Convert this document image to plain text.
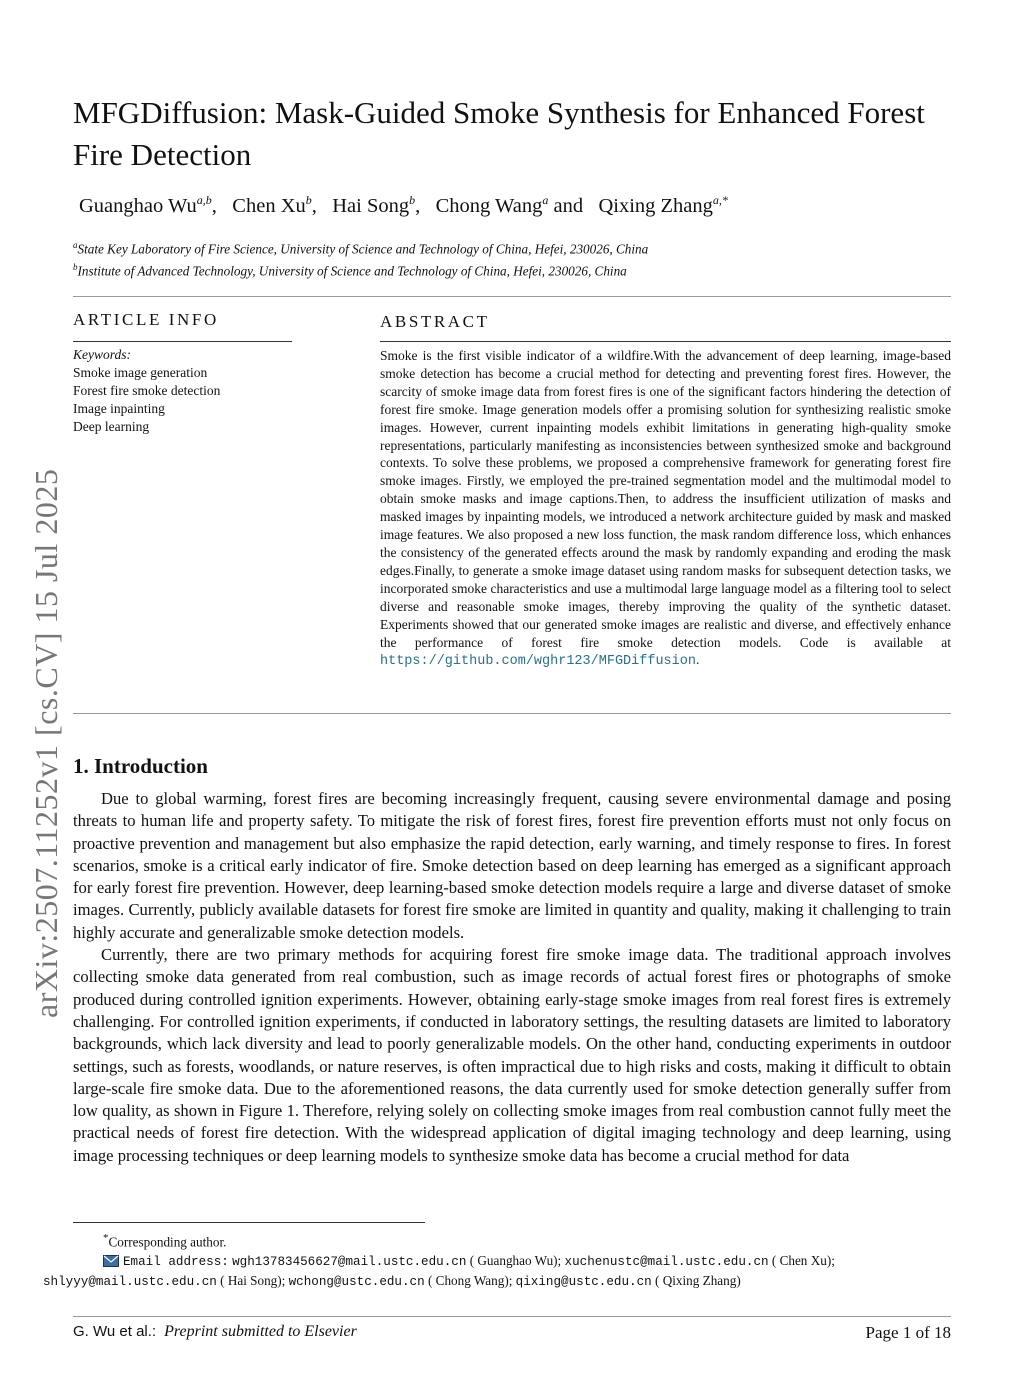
arXiv:2507.11252v1 [cs.CV] 15 Jul 2025
MFGDiffusion: Mask-Guided Smoke Synthesis for Enhanced Forest Fire Detection
Guanghao Wu$^{a,b}$,   Chen Xu$^b$,   Hai Song$^b$,   Chong Wang$^a$ and Qixing Zhang$^{a,*}$
$^a$State Key Laboratory of Fire Science, University of Science and Technology of China, Hefei, 230026, China
$^b$Institute of Advanced Technology, University of Science and Technology of China, Hefei, 230026, China
ARTICLE INFO	ABSTRACT
Keywords:
Smoke image generation
Forest fire smoke detection
Image inpainting
Deep learning
Smoke is the first visible indicator of a wildfire.With the advancement of deep learning, image-based smoke detection has become a crucial method for detecting and preventing forest fires. However, the scarcity of smoke image data from forest fires is one of the significant factors hindering the detection of forest fire smoke. Image generation models offer a promising solution for synthesizing realistic smoke images. However, current inpainting models exhibit limitations in generating high-quality smoke representations, particularly manifesting as inconsistencies between synthesized smoke and background contexts. To solve these problems, we proposed a comprehensive framework for generating forest fire smoke images. Firstly, we employed the pre-trained segmentation model and the multimodal model to obtain smoke masks and image captions.Then, to address the insufficient utilization of masks and masked images by inpainting models, we introduced a network architecture guided by mask and masked image features. We also proposed a new loss function, the mask random difference loss, which enhances the consistency of the generated effects around the mask by randomly expanding and eroding the mask edges.Finally, to generate a smoke image dataset using random masks for subsequent detection tasks, we incorporated smoke characteristics and use a multimodal large language model as a filtering tool to select diverse and reasonable smoke images, thereby improving the quality of the synthetic dataset. Experiments showed that our generated smoke images are realistic and diverse, and effectively enhance the performance of forest fire smoke detection models. Code is available at https://github.com/wghr123/MFGDiffusion.
1. Introduction

Due to global warming, forest fires are becoming increasingly frequent, causing severe environmental damage and posing threats to human life and property safety. To mitigate the risk of forest fires, forest fire prevention efforts must not only focus on proactive prevention and management but also emphasize the rapid detection, early warning, and timely response to fires. In forest scenarios, smoke is a critical early indicator of fire. Smoke detection based on deep learning has emerged as a significant approach for early forest fire prevention. However, deep learning-based smoke detection models require a large and diverse dataset of smoke images. Currently, publicly available datasets for forest fire smoke are limited in quantity and quality, making it challenging to train highly accurate and generalizable smoke detection models.

Currently, there are two primary methods for acquiring forest fire smoke image data. The traditional approach involves collecting smoke data generated from real combustion, such as image records of actual forest fires or photographs of smoke produced during controlled ignition experiments. However, obtaining early-stage smoke images from real forest fires is extremely challenging. For controlled ignition experiments, if conducted in laboratory settings, the resulting datasets are limited to laboratory backgrounds, which lack diversity and lead to poorly generalizable models. On the other hand, conducting experiments in outdoor settings, such as forests, woodlands, or nature reserves, is often impractical due to high risks and costs, making it difficult to obtain large-scale fire smoke data. Due to the aforementioned reasons, the data currently used for smoke detection generally suffer from low quality, as shown in Figure 1. Therefore, relying solely on collecting smoke images from real combustion cannot fully meet the practical needs of forest fire detection. With the widespread application of digital imaging technology and deep learning, using image processing techniques or deep learning models to synthesize smoke data has become a crucial method for data

*Corresponding author.
Email address: wgh13783456627@mail.ustc.edu.cn ( Guanghao Wu); xuchenustc@mail.ustc.edu.cn ( Chen Xu);
shlyyy@mail.ustc.edu.cn ( Hai Song); wchong@ustc.edu.cn ( Chong Wang); qixing@ustc.edu.cn ( Qixing Zhang)
G. Wu et al.: Preprint submitted to Elsevier	Page 1 of 18
